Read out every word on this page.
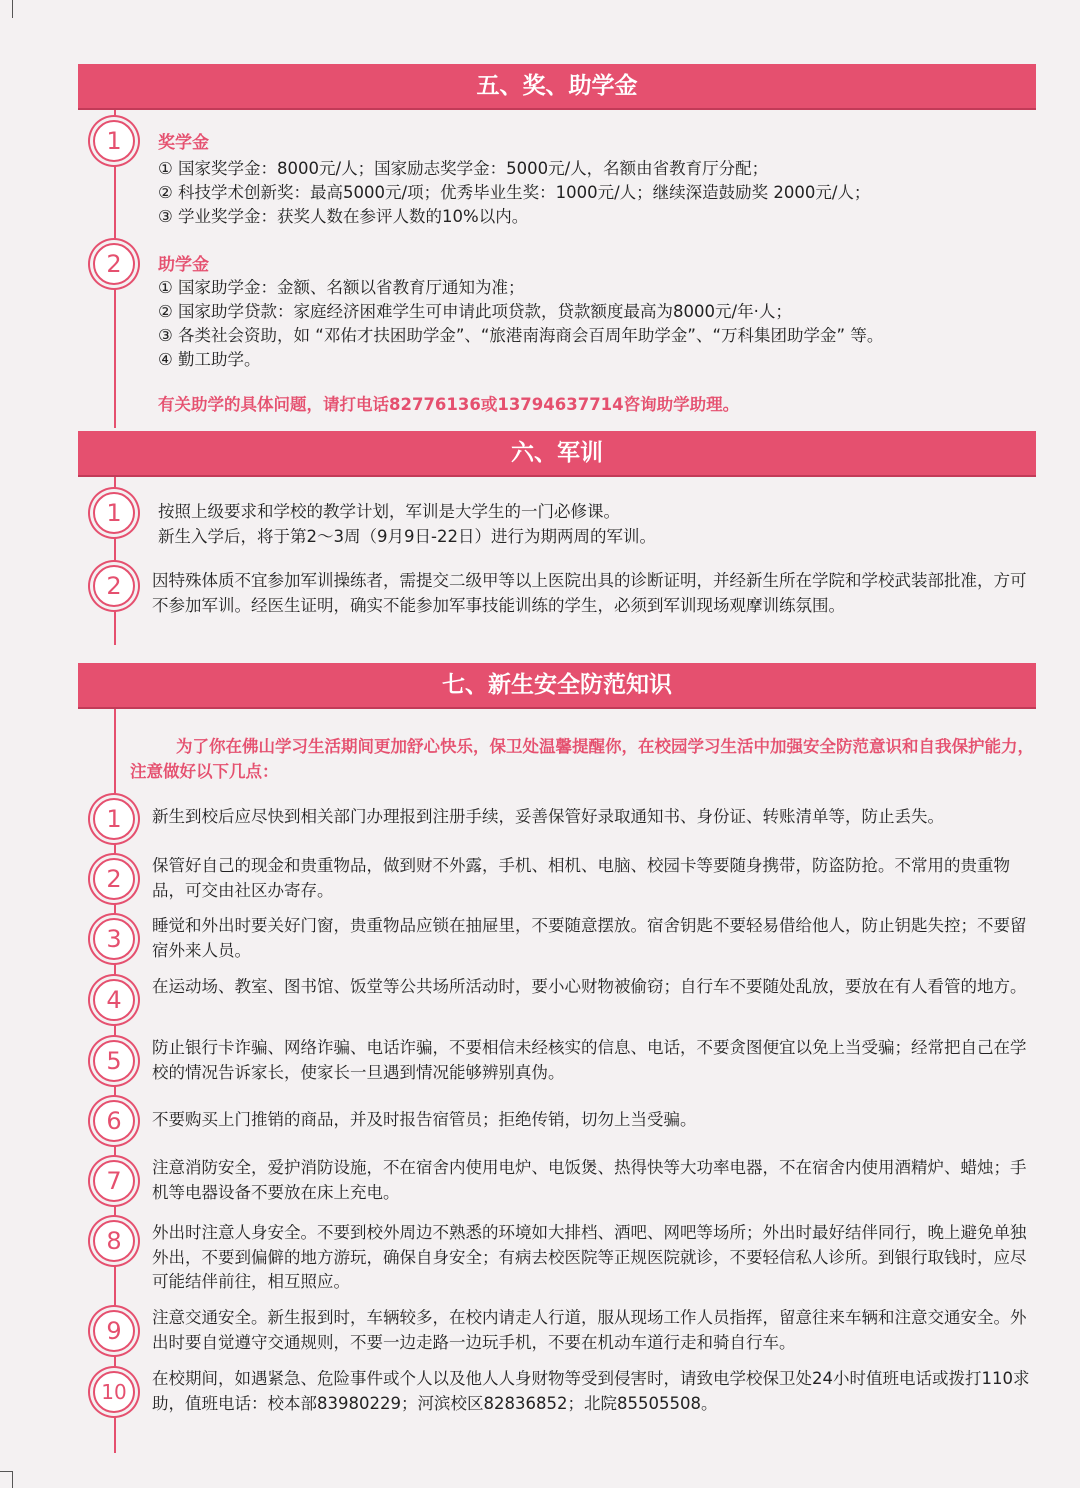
五、奖、助学金
1	奖学金
① 国家奖学金：8000元/人；国家励志奖学金：5000元/人，名额由省教育厅分配；
② 科技学术创新奖：最高5000元/项；优秀毕业生奖：1000元/人；继续深造鼓励奖 2000元/人；
③ 学业奖学金：获奖人数在参评人数的10%以内。
2	助学金
① 国家助学金：金额、名额以省教育厅通知为准；
② 国家助学贷款：家庭经济困难学生可申请此项贷款，贷款额度最高为8000元/年·人；
③ 各类社会资助，如 “邓佑才扶困助学金”、“旅港南海商会百周年助学金”、“万科集团助学金” 等。
④ 勤工助学。
有关助学的具体问题，请打电话82776136或13794637714咨询助学助理。
六、军训
1	按照上级要求和学校的教学计划，军训是大学生的一门必修课。
新生入学后，将于第2～3周（9月9日-22日）进行为期两周的军训。
2	因特殊体质不宜参加军训操练者，需提交二级甲等以上医院出具的诊断证明，并经新生所在学院和学校武装部批准，方可不参加军训。经医生证明，确实不能参加军事技能训练的学生，必须到军训现场观摩训练氛围。
七、新生安全防范知识
为了你在佛山学习生活期间更加舒心快乐，保卫处温馨提醒你，在校园学习生活中加强安全防范意识和自我保护能力，注意做好以下几点：
1	新生到校后应尽快到相关部门办理报到注册手续，妥善保管好录取通知书、身份证、转账清单等，防止丢失。
2	保管好自己的现金和贵重物品，做到财不外露，手机、相机、电脑、校园卡等要随身携带，防盗防抢。不常用的贵重物品，可交由社区办寄存。
3	睡觉和外出时要关好门窗，贵重物品应锁在抽屉里，不要随意摆放。宿舍钥匙不要轻易借给他人，防止钥匙失控；不要留宿外来人员。
4	在运动场、教室、图书馆、饭堂等公共场所活动时，要小心财物被偷窃；自行车不要随处乱放，要放在有人看管的地方。
5	防止银行卡诈骗、网络诈骗、电话诈骗，不要相信未经核实的信息、电话，不要贪图便宜以免上当受骗；经常把自己在学校的情况告诉家长，使家长一旦遇到情况能够辨别真伪。
6	不要购买上门推销的商品，并及时报告宿管员；拒绝传销，切勿上当受骗。
7	注意消防安全，爱护消防设施，不在宿舍内使用电炉、电饭煲、热得快等大功率电器，不在宿舍内使用酒精炉、蜡烛；手机等电器设备不要放在床上充电。
8	外出时注意人身安全。不要到校外周边不熟悉的环境如大排档、酒吧、网吧等场所；外出时最好结伴同行，晚上避免单独外出，不要到偏僻的地方游玩，确保自身安全；有病去校医院等正规医院就诊，不要轻信私人诊所。到银行取钱时，应尽可能结伴前往，相互照应。
9	注意交通安全。新生报到时，车辆较多，在校内请走人行道，服从现场工作人员指挥，留意往来车辆和注意交通安全。外出时要自觉遵守交通规则，不要一边走路一边玩手机，不要在机动车道行走和骑自行车。
10
在校期间，如遇紧急、危险事件或个人以及他人人身财物等受到侵害时，请致电学校保卫处24小时值班电话或拨打110求助，值班电话：校本部83980229；河滨校区82836852；北院85505508。
